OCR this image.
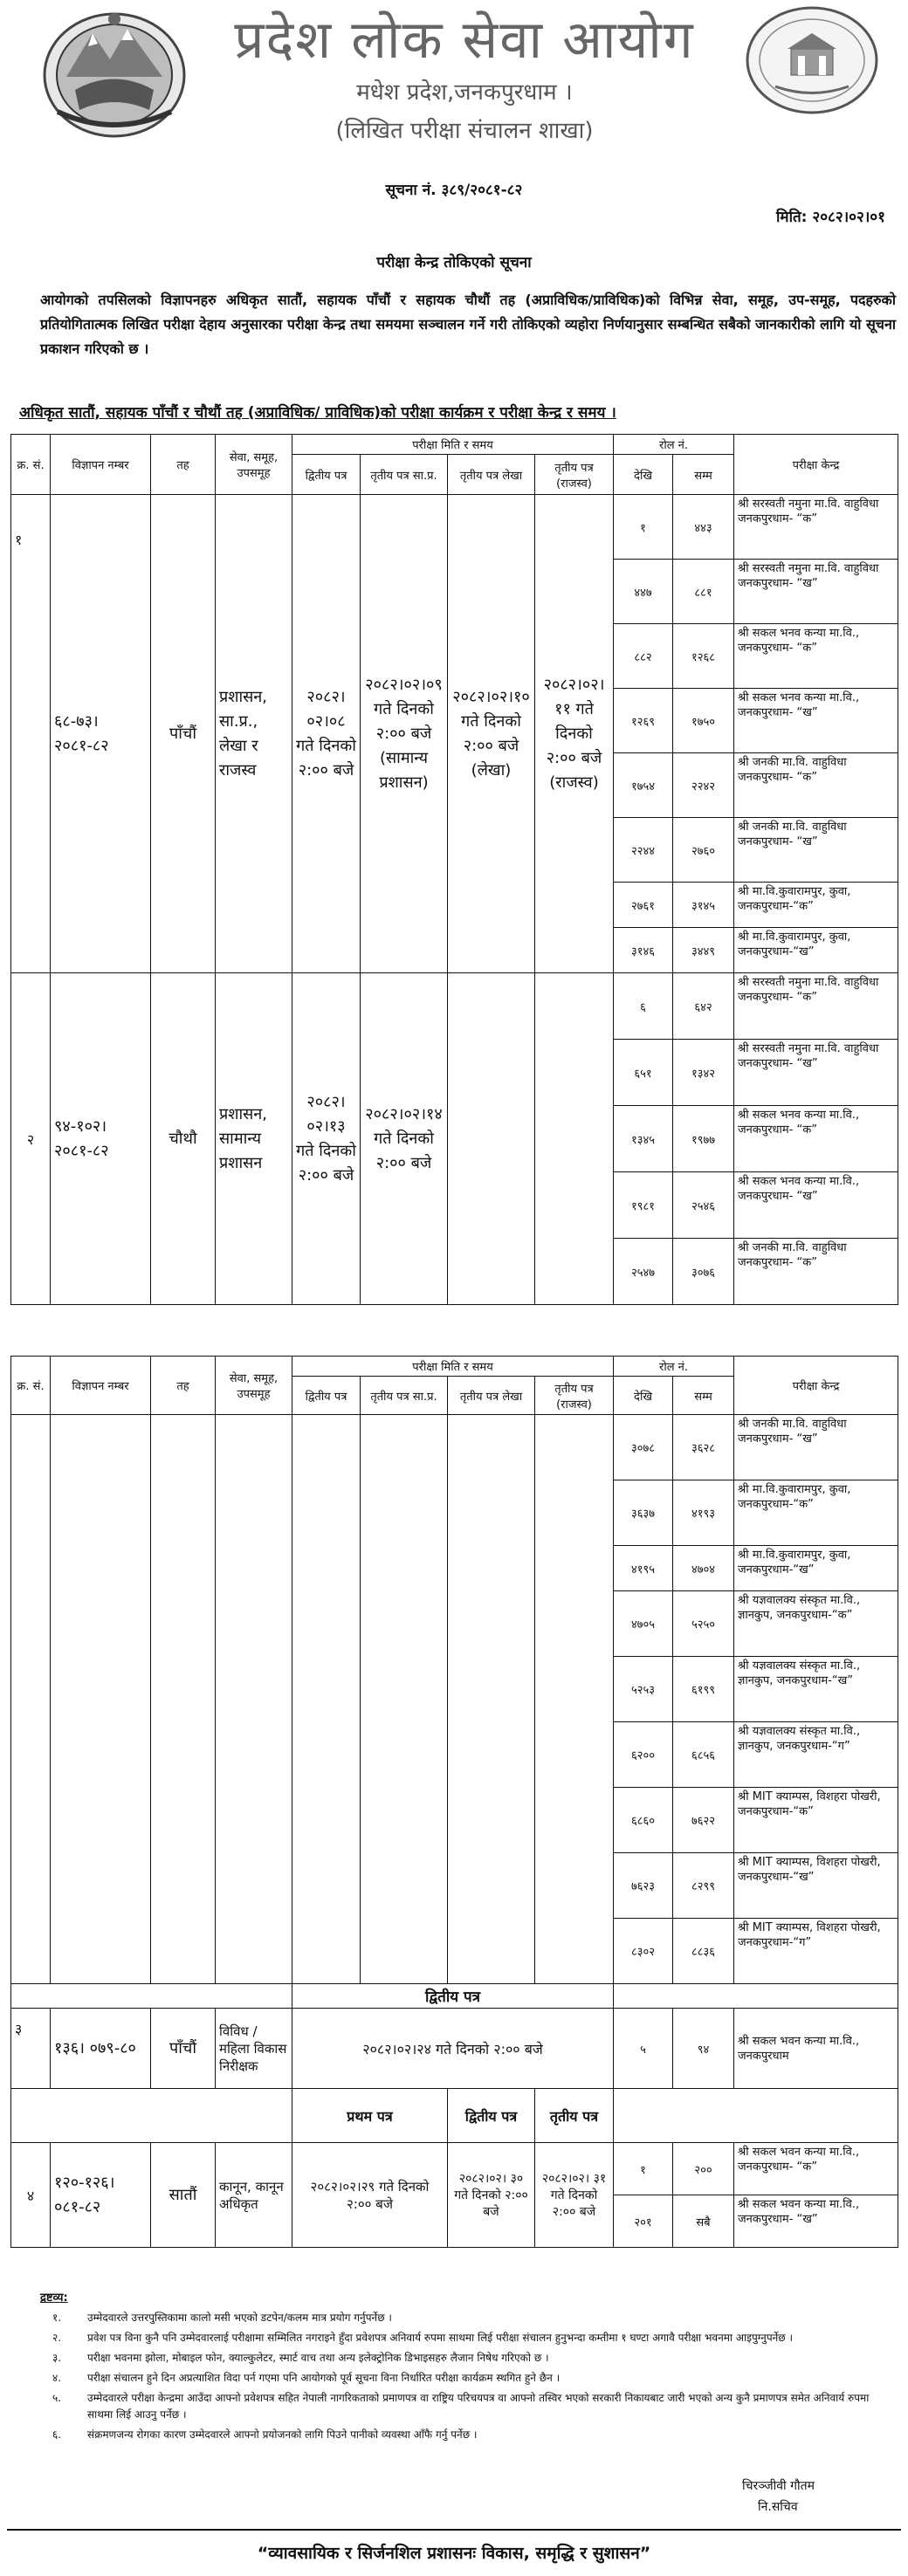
प्रदेश लोक सेवा आयोग
मधेश प्रदेश,जनकपुरधाम ।
(लिखित परीक्षा संचालन शाखा)
सूचना नं. ३८९/२०८१-८२
मिति: २०८२।०२।०१
परीक्षा केन्द्र तोकिएको सूचना
आयोगको तपसिलको विज्ञापनहरु अधिकृत सातौं, सहायक पाँचौं र सहायक चौथौं तह (अप्राविधिक/प्राविधिक)को विभिन्न सेवा, समूह, उप-समूह, पदहरुको प्रतियोगितात्मक लिखित परीक्षा देहाय अनुसारका परीक्षा केन्द्र तथा समयमा सञ्चालन गर्ने गरी तोकिएको व्यहोरा निर्णयानुसार सम्बन्धित सबैको जानकारीको लागि यो सूचना प्रकाशन गरिएको छ ।
अधिकृत सातौं, सहायक पाँचौं र चौथौं तह (अप्राविधिक/ प्राविधिक)को परीक्षा कार्यक्रम र परीक्षा केन्द्र र समय ।
क्र. सं.	विज्ञापन नम्बर	तह	सेवा, समूह, उपसमूह	परीक्षा मिति र समय				रोल नं.		परीक्षा केन्द्र
				द्वितीय पत्र	तृतीय पत्र सा.प्र.	तृतीय पत्र लेखा	तृतीय पत्र (राजस्व)	देखि	सम्म	
१	६८-७३। २०८१-८२	पाँचौं	प्रशासन, सा.प्र., लेखा र राजस्व	२०८२।०२।०८ गते दिनको २:०० बजे	२०८२।०२।०९ गते दिनको २:०० बजे (सामान्य प्रशासन)	२०८२।०२।१० गते दिनको २:०० बजे (लेखा)	२०८२।०२।११ गते दिनको २:०० बजे (राजस्व)	१	४४३	श्री सरस्वती नमुना मा.वि. वाहुविधा जनकपुरधाम- “क”
								४४७	८८१	श्री सरस्वती नमुना मा.वि. वाहुविधा जनकपुरधाम- “ख”
								८८२	१२६८	श्री सकल भनव कन्या मा.वि., जनकपुरधाम- “क”
								१२६९	१७५०	श्री सकल भनव कन्या मा.वि., जनकपुरधाम- “ख”
								१७५४	२२४२	श्री जनकी मा.वि. वाहुविधा जनकपुरधाम- “क”
								२२४४	२७६०	श्री जनकी मा.वि. वाहुविधा जनकपुरधाम- “ख”
								२७६१	३१४५	श्री मा.वि.कुवारामपुर, कुवा, जनकपुरधाम-“क”
								३१४६	३४४९	श्री मा.वि.कुवारामपुर, कुवा, जनकपुरधाम-“ख”
२	९४-१०२। २०८१-८२	चौथौ	प्रशासन, सामान्य प्रशासन	२०८२।०२।१३ गते दिनको २:०० बजे	२०८२।०२।१४ गते दिनको २:०० बजे			६	६४२	श्री सरस्वती नमुना मा.वि. वाहुविधा जनकपुरधाम- “क”
								६५१	१३४२	श्री सरस्वती नमुना मा.वि. वाहुविधा जनकपुरधाम- “ख”
								१३४५	१९७७	श्री सकल भनव कन्या मा.वि., जनकपुरधाम- “क”
								१९८१	२५४६	श्री सकल भनव कन्या मा.वि., जनकपुरधाम- “ख”
								२५४७	३०७६	श्री जनकी मा.वि. वाहुविधा जनकपुरधाम- “क”
क्र. सं.	विज्ञापन नम्बर	तह	सेवा, समूह, उपसमूह	परीक्षा मिति र समय				रोल नं.		परीक्षा केन्द्र
				द्वितीय पत्र	तृतीय पत्र सा.प्र.	तृतीय पत्र लेखा	तृतीय पत्र (राजस्व)	देखि	सम्म	
								३०७८	३६२८	श्री जनकी मा.वि. वाहुविधा जनकपुरधाम- “ख”
								३६३७	४१९३	श्री मा.वि.कुवारामपुर, कुवा, जनकपुरधाम-“क”
								४१९५	४७०४	श्री मा.वि.कुवारामपुर, कुवा, जनकपुरधाम-“ख”
								४७०५	५२५०	श्री यज्ञवालक्य संस्कृत मा.वि., ज्ञानकुप, जनकपुरधाम-“क”
								५२५३	६१९९	श्री यज्ञवालक्य संस्कृत मा.वि., ज्ञानकुप, जनकपुरधाम-“ख”
								६२००	६८५६	श्री यज्ञवालक्य संस्कृत मा.वि., ज्ञानकुप, जनकपुरधाम-“ग”
								६८६०	७६२२	श्री MIT क्याम्पस, विशहरा पोखरी, जनकपुरधाम-“क”
								७६२३	८२९९	श्री MIT क्याम्पस, विशहरा पोखरी, जनकपुरधाम-“ख”
								८३०२	८८३६	श्री MIT क्याम्पस, विशहरा पोखरी, जनकपुरधाम-“ग”
				द्वितीय पत्र						
३	१३६। ०७९-८०	पाँचौं	विविध / महिला विकास निरीक्षक	२०८२।०२।२४ गते दिनको २:०० बजे				५	९४	श्री सकल भवन कन्या मा.वि., जनकपुरधाम
				प्रथम पत्र		द्वितीय पत्र	तृतीय पत्र			
४	१२०-१२६। ०८१-८२	सातौं	कानून, कानून अधिकृत	२०८२।०२।२९ गते दिनको २:०० बजे		२०८२।०२। ३० गते दिनको २:०० बजे	२०८२।०२। ३१ गते दिनको २:०० बजे	१	२००	श्री सकल भवन कन्या मा.वि., जनकपुरधाम- “क”
								२०१	सबै	श्री सकल भवन कन्या मा.वि., जनकपुरधाम- “ख”
द्रष्टव्य:
१. उम्मेदवारले उत्तरपुस्तिकामा कालो मसी भएको डटपेन/कलम मात्र प्रयोग गर्नुपर्नेछ ।
२. प्रवेश पत्र विना कुनै पनि उम्मेदवारलाई परीक्षामा सम्मिलित नगराइने हुँदा प्रवेशपत्र अनिवार्य रुपमा साथमा लिई परीक्षा संचालन हुनुभन्दा कम्तीमा १ घण्टा अगावै परीक्षा भवनमा आइपुग्नुपर्नेछ ।
३. परीक्षा भवनमा झोला, मोबाइल फोन, क्याल्कुलेटर, स्मार्ट वाच तथा अन्य इलेक्ट्रोनिक डिभाइसहरु लैजान निषेध गरिएको छ ।
४. परीक्षा संचालन हुने दिन अप्रत्याशित विदा पर्न गएमा पनि आयोगको पूर्व सूचना विना निर्धारित परीक्षा कार्यक्रम स्थगित हुने छैन ।
५. उम्मेदवारले परीक्षा केन्द्रमा आउँदा आफ्नो प्रवेशपत्र सहित नेपाली नागरिकताको प्रमाणपत्र वा राष्ट्रिय परिचयपत्र वा आफ्नो तस्विर भएको सरकारी निकायबाट जारी भएको अन्य कुनै प्रमाणपत्र समेत अनिवार्य रुपमा साथमा लिई आउनु पर्नेछ ।
६. संक्रमणजन्य रोगका कारण उम्मेदवारले आफ्नो प्रयोजनको लागि पिउने पानीको व्यवस्था आँफै गर्नु पर्नेछ ।
चिरञ्जीवी गौतम
नि.सचिव
“व्यावसायिक र सिर्जनशिल प्रशासनः विकास, समृद्धि र सुशासन”
